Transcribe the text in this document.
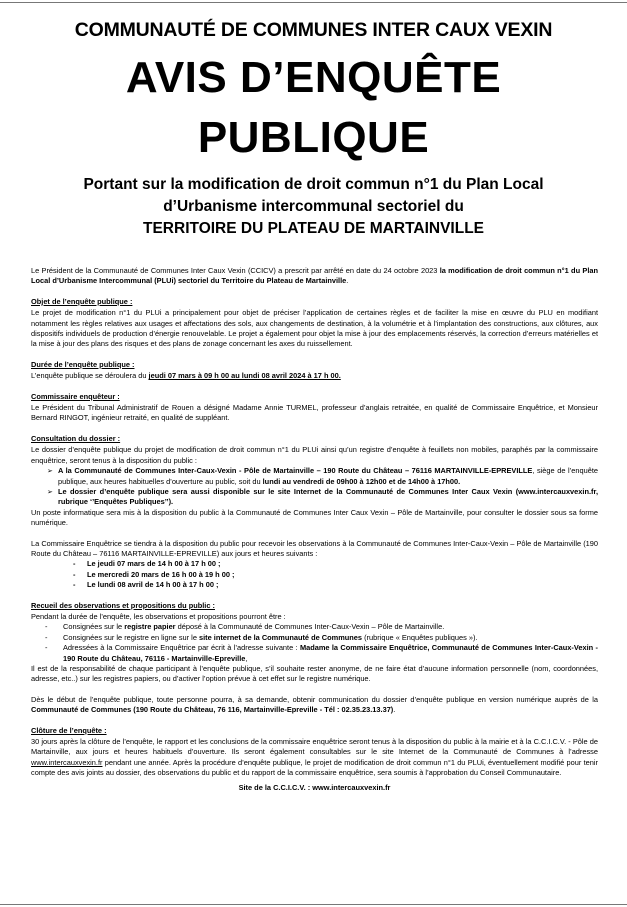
COMMUNAUTÉ DE COMMUNES INTER CAUX VEXIN
AVIS D’ENQUÊTE
PUBLIQUE
Portant sur la modification de droit commun n°1 du Plan Local
d’Urbanisme intercommunal sectoriel du
TERRITOIRE DU PLATEAU DE MARTAINVILLE

Le Président de la Communauté de Communes Inter Caux Vexin (CCICV) a prescrit par arrêté en date du 24 octobre 2023 la modification de droit commun n°1 du Plan Local d’Urbanisme Intercommunal (PLUi) sectoriel du Territoire du Plateau de Martainville.

Objet de l’enquête publique :

Le projet de modification n°1 du PLUi a principalement pour objet de préciser l’application de certaines règles et de faciliter la mise en œuvre du PLU en modifiant notamment les règles relatives aux usages et affectations des sols, aux changements de destination, à la volumétrie et à l’implantation des constructions, aux clôtures, aux dispositifs individuels de production d’énergie renouvelable. Le projet a également pour objet la mise à jour des emplacements réservés, la correction d’erreurs matérielles et la mise à jour des plans des risques et des plans de zonage concernant les axes du ruissellement.

Durée de l’enquête publique :

L’enquête publique se déroulera du jeudi 07 mars à 09 h 00 au lundi 08 avril 2024 à 17 h 00.

Commissaire enquêteur :

Le Président du Tribunal Administratif de Rouen a désigné Madame Annie TURMEL, professeur d’anglais retraitée, en qualité de Commissaire Enquêtrice, et Monsieur Bernard RINGOT, ingénieur retraité, en qualité de suppléant.

Consultation du dossier :

Le dossier d’enquête publique du projet de modification de droit commun n°1 du PLUi ainsi qu’un registre d’enquête à feuillets non mobiles, paraphés par la commissaire enquêtrice, seront tenus à la disposition du public :

➢ A la Communauté de Communes Inter-Caux-Vexin - Pôle de Martainville – 190 Route du Château – 76116 MARTAINVILLE-EPREVILLE, siège de l’enquête publique, aux heures habituelles d’ouverture au public, soit du lundi au vendredi de 09h00 à 12h00 et de 14h00 à 17h00.
➢ Le dossier d’enquête publique sera aussi disponible sur le site Internet de la Communauté de Communes Inter Caux Vexin (www.intercauxvexin.fr, rubrique ‘’Enquêtes Publiques’’).

Un poste informatique sera mis à la disposition du public à la Communauté de Communes Inter Caux Vexin – Pôle de Martainville, pour consulter le dossier sous sa forme numérique.

La Commissaire Enquêtrice se tiendra à la disposition du public pour recevoir les observations à la Communauté de Communes Inter-Caux-Vexin – Pôle de Martainville (190 Route du Château – 76116 MARTAINVILLE-EPREVILLE) aux jours et heures suivants :

- Le jeudi 07 mars de 14 h 00 à 17 h 00 ;
- Le mercredi 20 mars de 16 h 00 à 19 h 00 ;
- Le lundi 08 avril de 14 h 00 à 17 h 00 ;
Recueil des observations et propositions du public :

Pendant la durée de l’enquête, les observations et propositions pourront être :

- Consignées sur le registre papier déposé à la Communauté de Communes Inter-Caux-Vexin – Pôle de Martainville.
- Consignées sur le registre en ligne sur le site internet de la Communauté de Communes (rubrique « Enquêtes publiques »).
- Adressées à la Commissaire Enquêtrice par écrit à l’adresse suivante : Madame la Commissaire Enquêtrice, Communauté de Communes Inter-Caux-Vexin - 190 Route du Château, 76116 - Martainville-Epreville,

Il est de la responsabilité de chaque participant à l’enquête publique, s’il souhaite rester anonyme, de ne faire état d’aucune information personnelle (nom, coordonnées, adresse, etc..) sur les registres papiers, ou d’activer l’option prévue à cet effet sur le registre numérique.

Dès le début de l’enquête publique, toute personne pourra, à sa demande, obtenir communication du dossier d’enquête publique en version numérique auprès de la Communauté de Communes (190 Route du Château, 76 116, Martainville-Epreville - Tél : 02.35.23.13.37).

Clôture de l’enquête :

30 jours après la clôture de l’enquête, le rapport et les conclusions de la commissaire enquêtrice seront tenus à la disposition du public à la mairie et à la C.C.I.C.V. - Pôle de Martainville, aux jours et heures habituels d’ouverture. Ils seront également consultables sur le site Internet de la Communauté de Communes à l’adresse www.intercauxvexin.fr pendant une année. Après la procédure d’enquête publique, le projet de modification de droit commun n°1 du PLUi, éventuellement modifié pour tenir compte des avis joints au dossier, des observations du public et du rapport de la commissaire enquêtrice, sera soumis à l’approbation du Conseil Communautaire.

Site de la C.C.I.C.V. : www.intercauxvexin.fr
